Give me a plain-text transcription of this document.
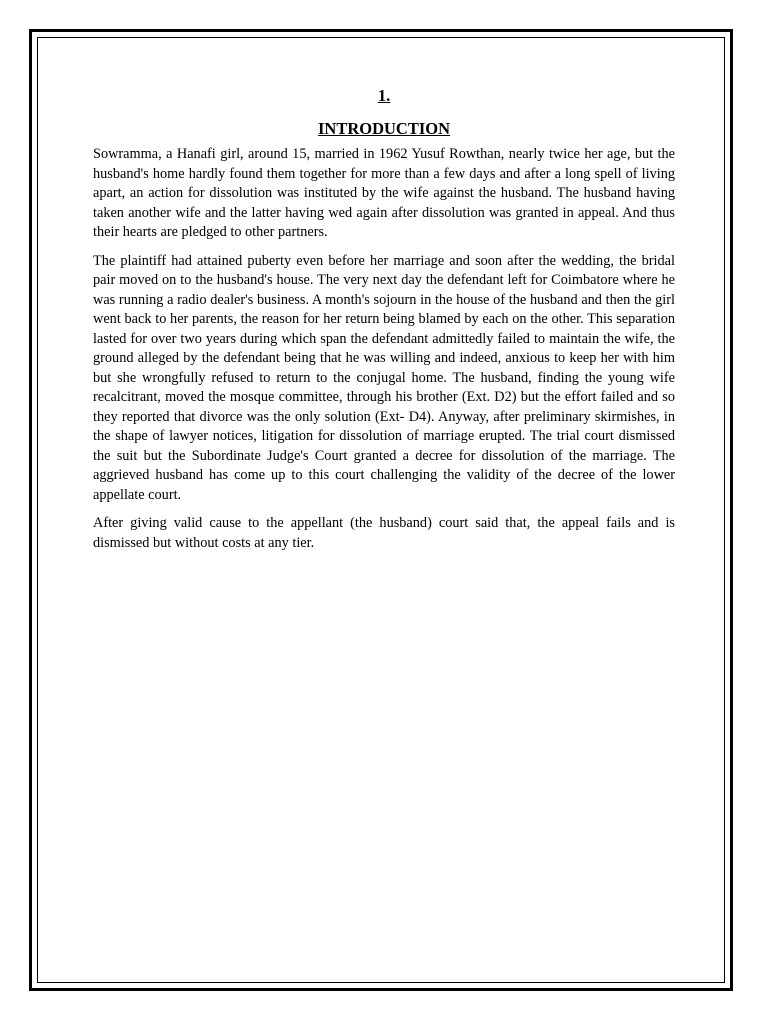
1.
INTRODUCTION

Sowramma, a Hanafi girl, around 15, married in 1962 Yusuf Rowthan, nearly twice her age, but the husband's home hardly found them together for more than a few days and after a long spell of living apart, an action for dissolution was instituted by the wife against the husband. The husband having taken another wife and the latter having wed again after dissolution was granted in appeal. And thus their hearts are pledged to other partners.

The plaintiff had attained puberty even before her marriage and soon after the wedding, the bridal pair moved on to the husband's house. The very next day the defendant left for Coimbatore where he was running a radio dealer's business. A month's sojourn in the house of the husband and then the girl went back to her parents, the reason for her return being blamed by each on the other. This separation lasted for over two years during which span the defendant admittedly failed to maintain the wife, the ground alleged by the defendant being that he was willing and indeed, anxious to keep her with him but she wrongfully refused to return to the conjugal home. The husband, finding the young wife recalcitrant, moved the mosque committee, through his brother (Ext. D2) but the effort failed and so they reported that divorce was the only solution (Ext- D4). Anyway, after preliminary skirmishes, in the shape of lawyer notices, litigation for dissolution of marriage erupted. The trial court dismissed the suit but the Subordinate Judge's Court granted a decree for dissolution of the marriage. The aggrieved husband has come up to this court challenging the validity of the decree of the lower appellate court.

After giving valid cause to the appellant (the husband) court said that, the appeal fails and is dismissed but without costs at any tier.
